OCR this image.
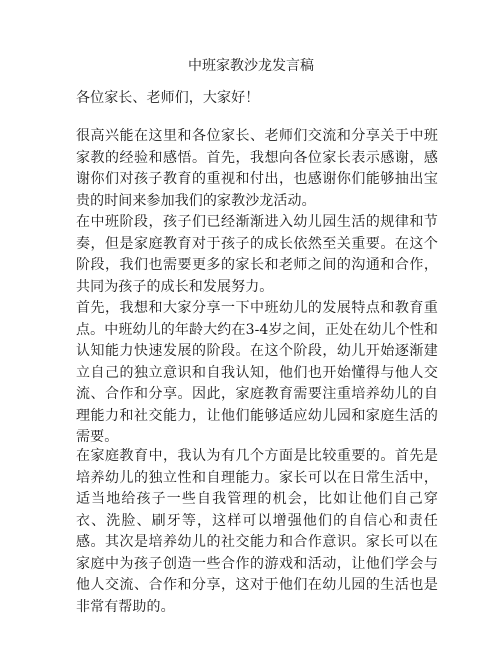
中班家教沙龙发言稿
各位家长、老师们，大家好！
很高兴能在这里和各位家长、老师们交流和分享关于中班家教的经验和感悟。首先，我想向各位家长表示感谢，感谢你们对孩子教育的重视和付出，也感谢你们能够抽出宝贵的时间来参加我们的家教沙龙活动。
在中班阶段，孩子们已经渐渐进入幼儿园生活的规律和节奏，但是家庭教育对于孩子的成长依然至关重要。在这个阶段，我们也需要更多的家长和老师之间的沟通和合作，共同为孩子的成长和发展努力。
首先，我想和大家分享一下中班幼儿的发展特点和教育重点。中班幼儿的年龄大约在3-4岁之间，正处在幼儿个性和认知能力快速发展的阶段。在这个阶段，幼儿开始逐渐建立自己的独立意识和自我认知，他们也开始懂得与他人交流、合作和分享。因此，家庭教育需要注重培养幼儿的自理能力和社交能力，让他们能够适应幼儿园和家庭生活的需要。
在家庭教育中，我认为有几个方面是比较重要的。首先是培养幼儿的独立性和自理能力。家长可以在日常生活中，适当地给孩子一些自我管理的机会，比如让他们自己穿衣、洗脸、刷牙等，这样可以增强他们的自信心和责任感。其次是培养幼儿的社交能力和合作意识。家长可以在家庭中为孩子创造一些合作的游戏和活动，让他们学会与他人交流、合作和分享，这对于他们在幼儿园的生活也是非常有帮助的。
